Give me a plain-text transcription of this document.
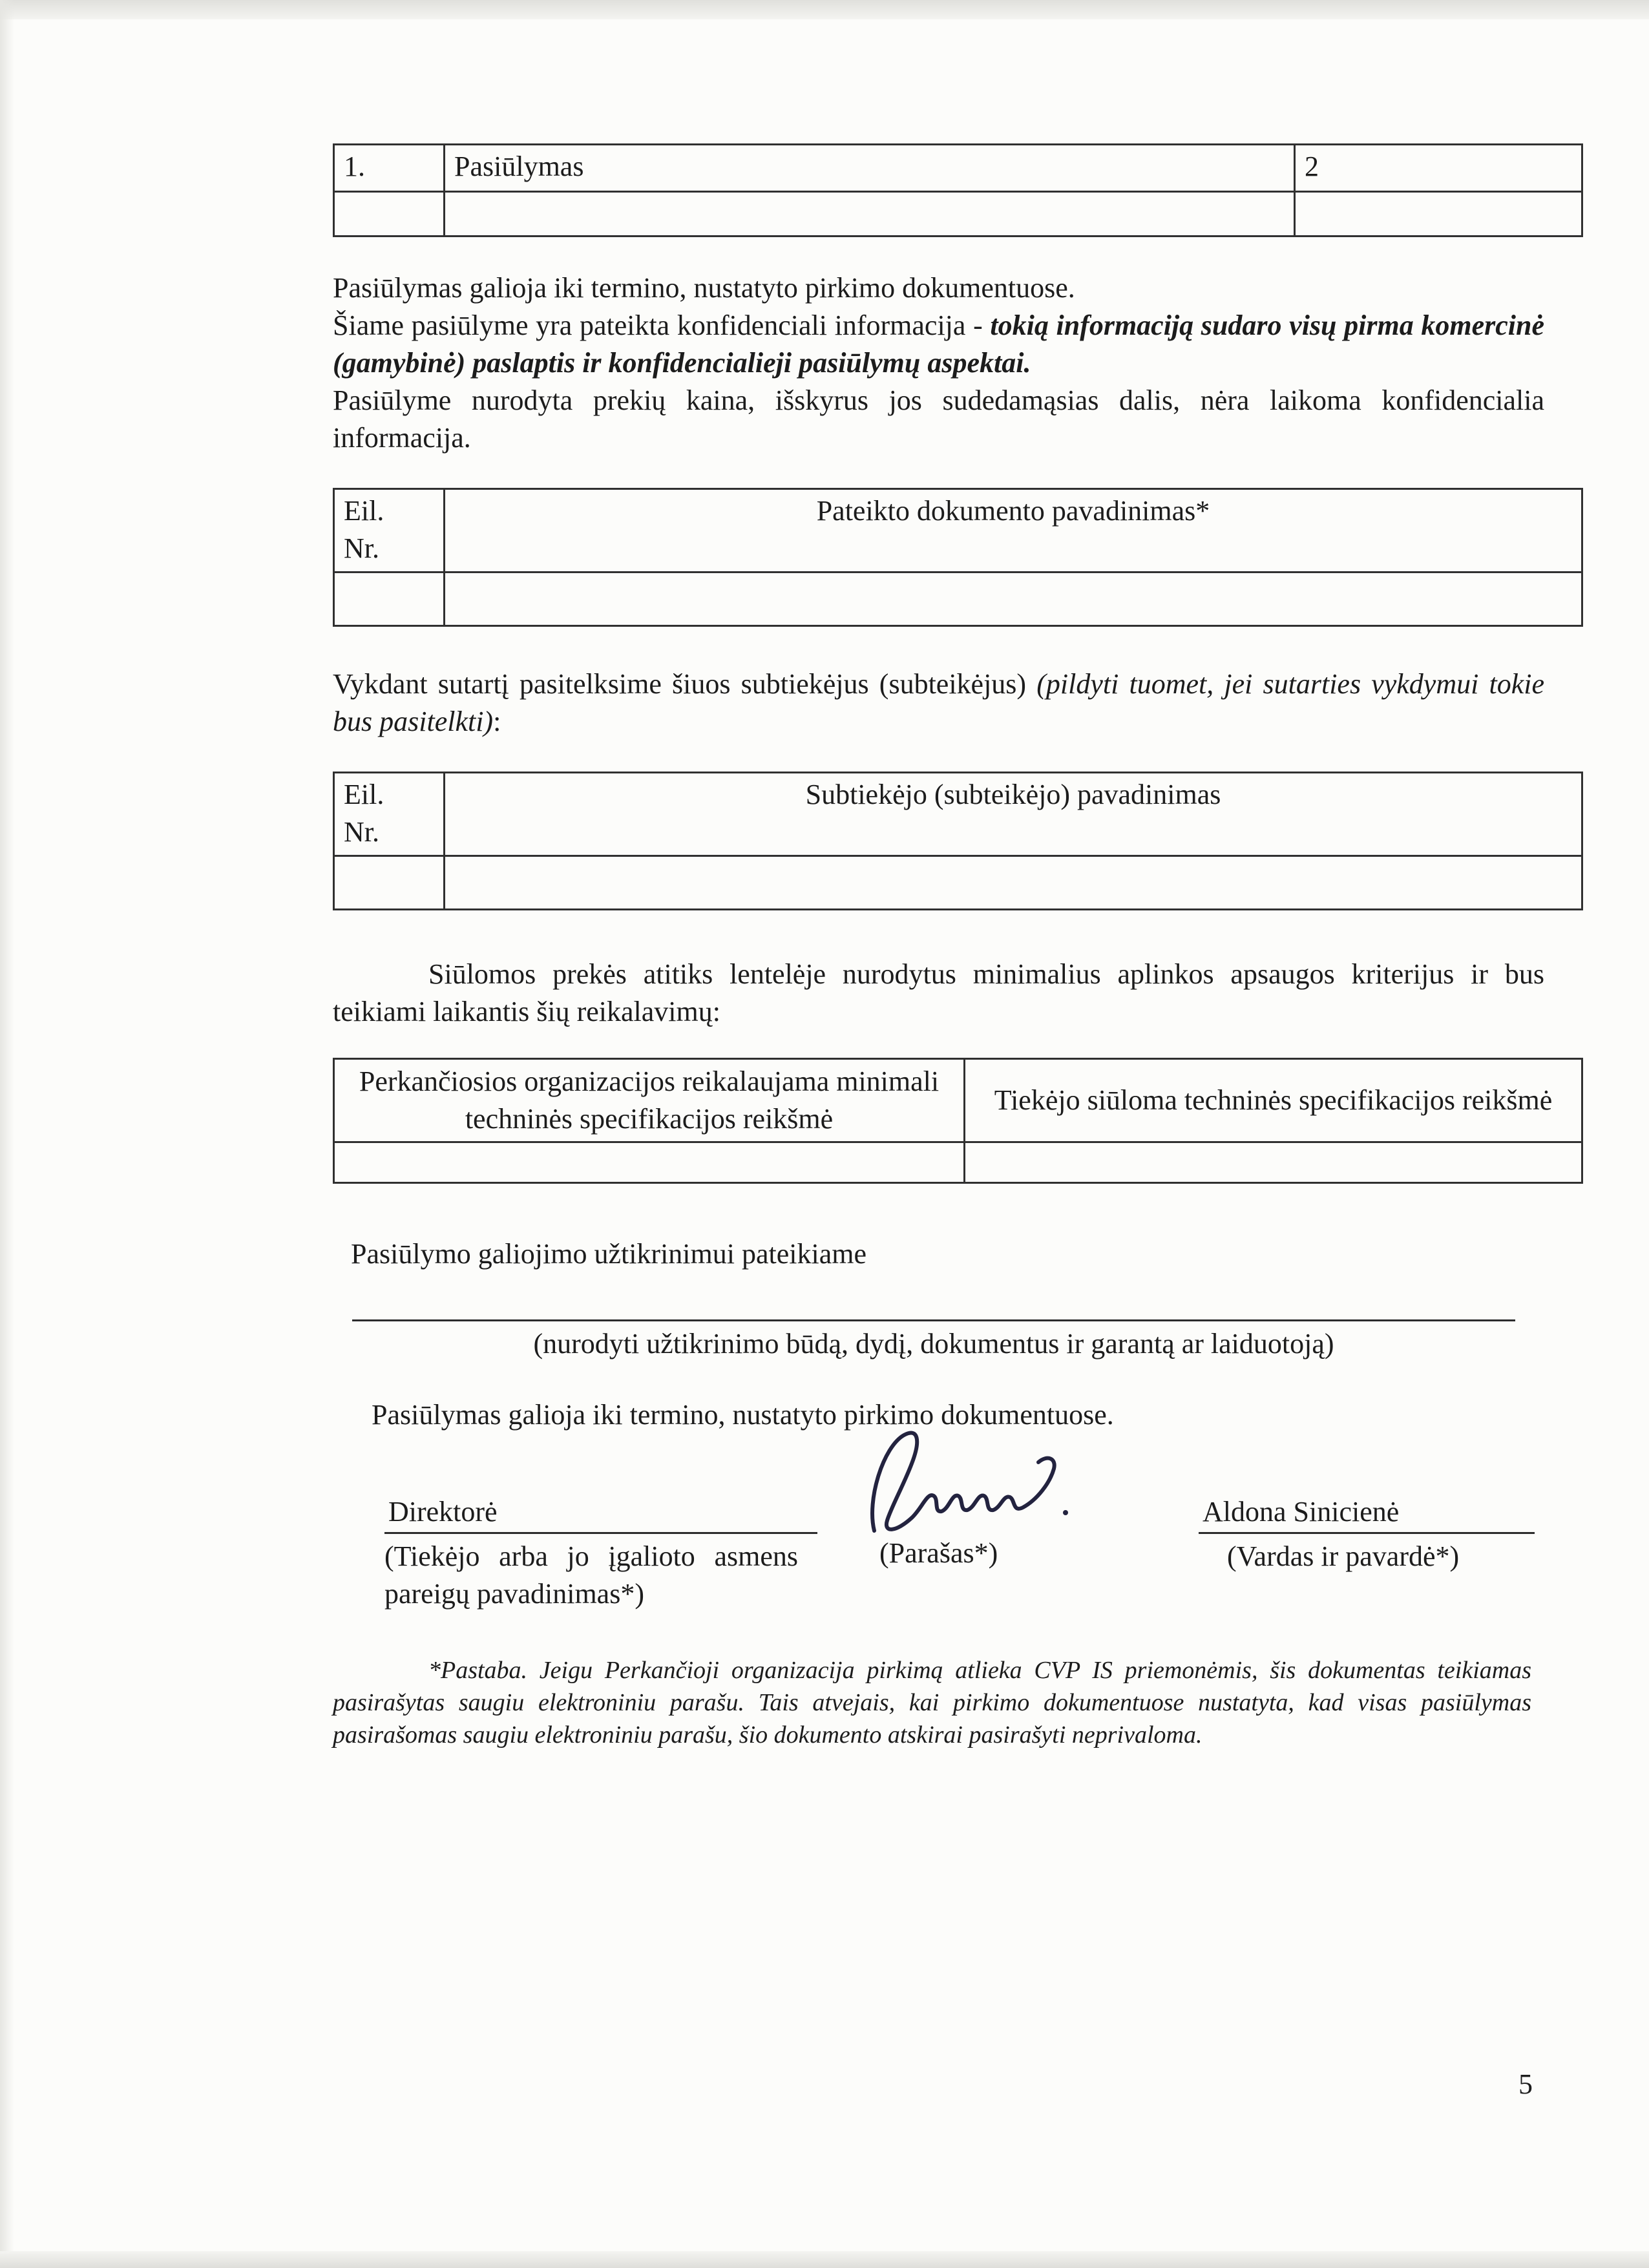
1.	Pasiūlymas	2

Pasiūlymas galioja iki termino, nustatyto pirkimo dokumentuose.
Šiame pasiūlyme yra pateikta konfidenciali informacija - tokią informaciją sudaro visų pirma komercinė (gamybinė) paslaptis ir konfidencialieji pasiūlymų aspektai.
Pasiūlyme nurodyta prekių kaina, išskyrus jos sudedamąsias dalis, nėra laikoma konfidencialia informacija.
Eil.
Nr.	Pateikto dokumento pavadinimas*

Vykdant sutartį pasitelksime šiuos subtiekėjus (subteikėjus) (pildyti tuomet, jei sutarties vykdymui tokie bus pasitelkti):
Eil.
Nr.	Subtiekėjo (subteikėjo) pavadinimas

Siūlomos prekės atitiks lentelėje nurodytus minimalius aplinkos apsaugos kriterijus ir bus teikiami laikantis šių reikalavimų:
Perkančiosios organizacijos reikalaujama minimali techninės specifikacijos reikšmė	Tiekėjo siūloma techninės specifikacijos reikšmė

Pasiūlymo galiojimo užtikrinimui pateikiame
(nurodyti užtikrinimo būdą, dydį, dokumentus ir garantą ar laiduotoją)
Pasiūlymas galioja iki termino, nustatyto pirkimo dokumentuose.
Direktorė
(Tiekėjo arba jo įgalioto asmens pareigų pavadinimas*)
(Parašas*)
Aldona Sinicienė
(Vardas ir pavardė*)
*Pastaba. Jeigu Perkančioji organizacija pirkimą atlieka CVP IS priemonėmis, šis dokumentas teikiamas pasirašytas saugiu elektroniniu parašu. Tais atvejais, kai pirkimo dokumentuose nustatyta, kad visas pasiūlymas pasirašomas saugiu elektroniniu parašu, šio dokumento atskirai pasirašyti neprivaloma.
5
